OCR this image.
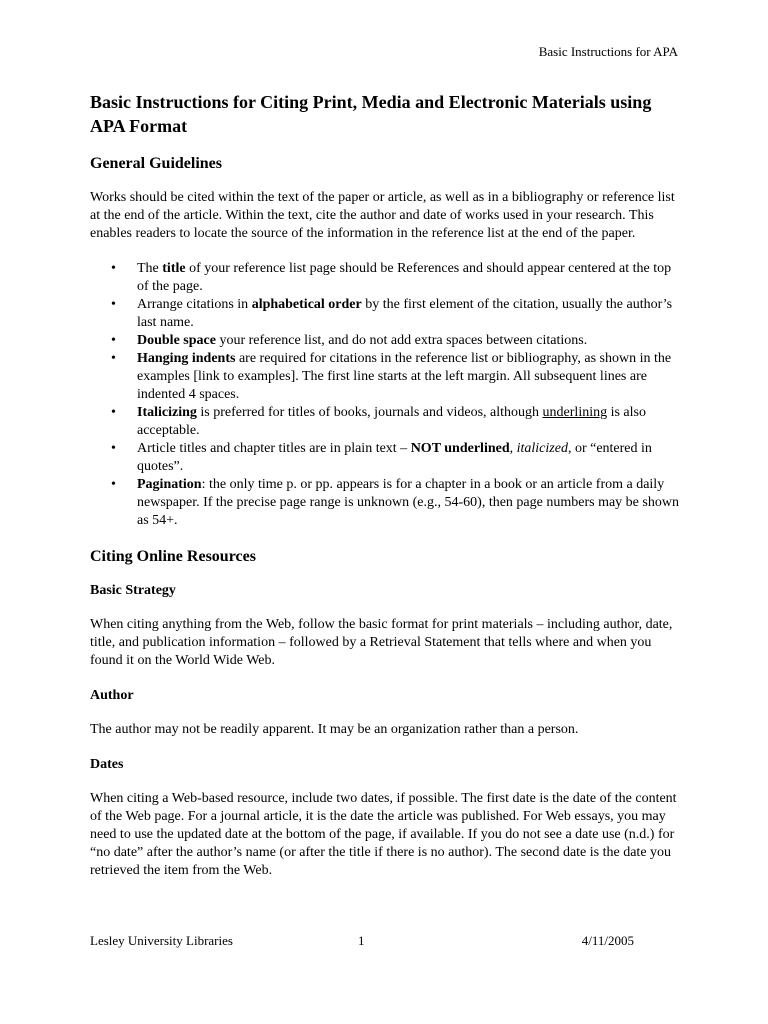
Basic Instructions for APA
Basic Instructions for Citing Print, Media and Electronic Materials using APA Format
General Guidelines

Works should be cited within the text of the paper or article, as well as in a bibliography or reference list at the end of the article. Within the text, cite the author and date of works used in your research. This enables readers to locate the source of the information in the reference list at the end of the paper.

• The title of your reference list page should be References and should appear centered at the top of the page.
• Arrange citations in alphabetical order by the first element of the citation, usually the author’s last name.
• Double space your reference list, and do not add extra spaces between citations.
• Hanging indents are required for citations in the reference list or bibliography, as shown in the examples [link to examples]. The first line starts at the left margin. All subsequent lines are indented 4 spaces.
• Italicizing is preferred for titles of books, journals and videos, although underlining is also acceptable.
• Article titles and chapter titles are in plain text – NOT underlined, italicized, or “entered in quotes”.
• Pagination: the only time p. or pp. appears is for a chapter in a book or an article from a daily newspaper. If the precise page range is unknown (e.g., 54-60), then page numbers may be shown as 54+.
Citing Online Resources
Basic Strategy

When citing anything from the Web, follow the basic format for print materials – including author, date, title, and publication information – followed by a Retrieval Statement that tells where and when you found it on the World Wide Web.

Author

The author may not be readily apparent. It may be an organization rather than a person.

Dates

When citing a Web-based resource, include two dates, if possible. The first date is the date of the content of the Web page. For a journal article, it is the date the article was published. For Web essays, you may need to use the updated date at the bottom of the page, if available. If you do not see a date use (n.d.) for “no date” after the author’s name (or after the title if there is no author). The second date is the date you retrieved the item from the Web.

Lesley University Libraries	1	4/11/2005
